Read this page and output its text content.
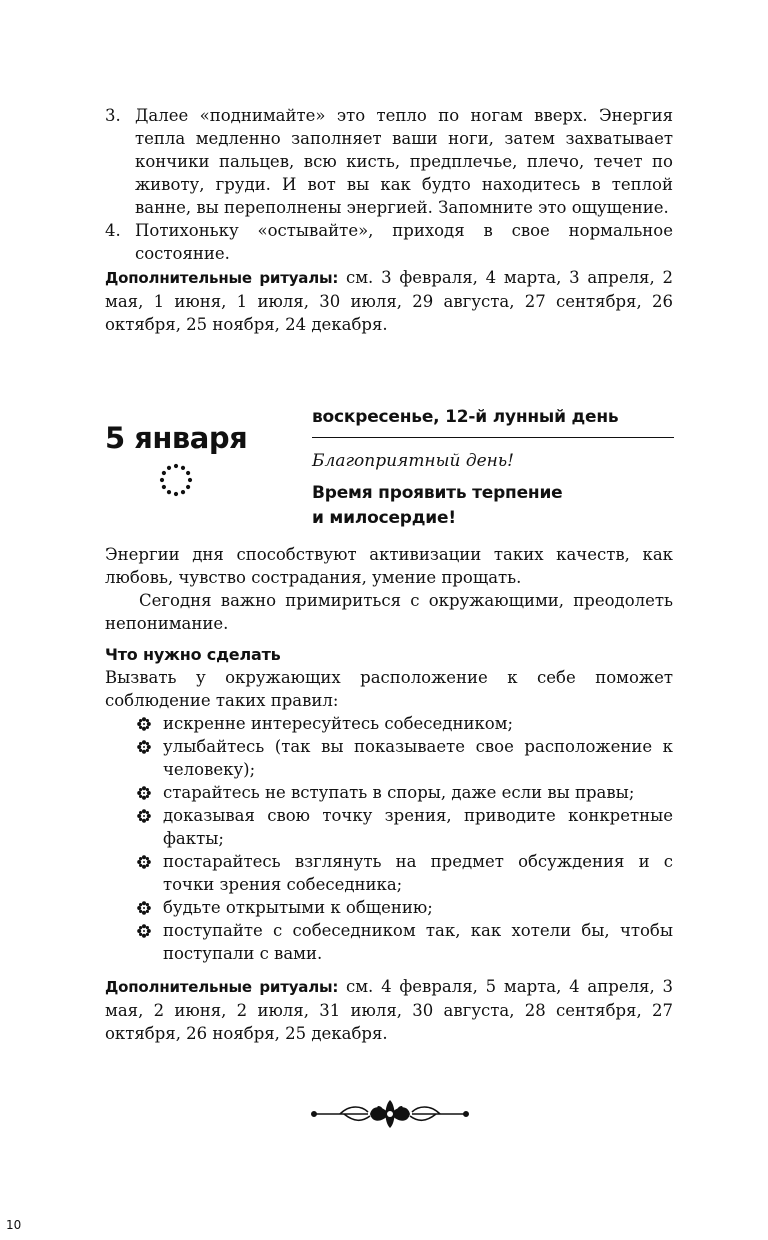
3. Далее «поднимайте» это тепло по ногам вверх. Энергия тепла медленно заполняет ваши ноги, затем захватывает кончики пальцев, всю кисть, предплечье, плечо, течет по животу, груди. И вот вы как будто находитесь в теплой ванне, вы переполнены энергией. Запомните это ощущение.
4. Потихоньку «остывайте», приходя в свое нормальное состояние.
Дополнительные ритуалы: см. 3 февраля, 4 марта, 3 апреля, 2 мая, 1 июня, 1 июля, 30 июля, 29 августа, 27 сентября, 26 октября, 25 ноября, 24 декабря.
5 января
воскресенье, 12-й лунный день
Благоприятный день!
Время проявить терпение
и милосердие!
Энергии дня способствуют активизации таких качеств, как любовь, чувство сострадания, умение прощать.
Сегодня важно примириться с окружающими, преодолеть непонимание.
Что нужно сделать
Вызвать у окружающих расположение к себе поможет соблюдение таких правил:
искренне интересуйтесь собеседником;
улыбайтесь (так вы показываете свое расположение к человеку);
старайтесь не вступать в споры, даже если вы правы;
доказывая свою точку зрения, приводите конкретные факты;
постарайтесь взглянуть на предмет обсуждения и с точки зрения собеседника;
будьте открытыми к общению;
поступайте с собеседником так, как хотели бы, чтобы поступали с вами.
Дополнительные ритуалы: см. 4 февраля, 5 марта, 4 апреля, 3 мая, 2 июня, 2 июля, 31 июля, 30 августа, 28 сентября, 27 октября, 26 ноября, 25 декабря.
10
